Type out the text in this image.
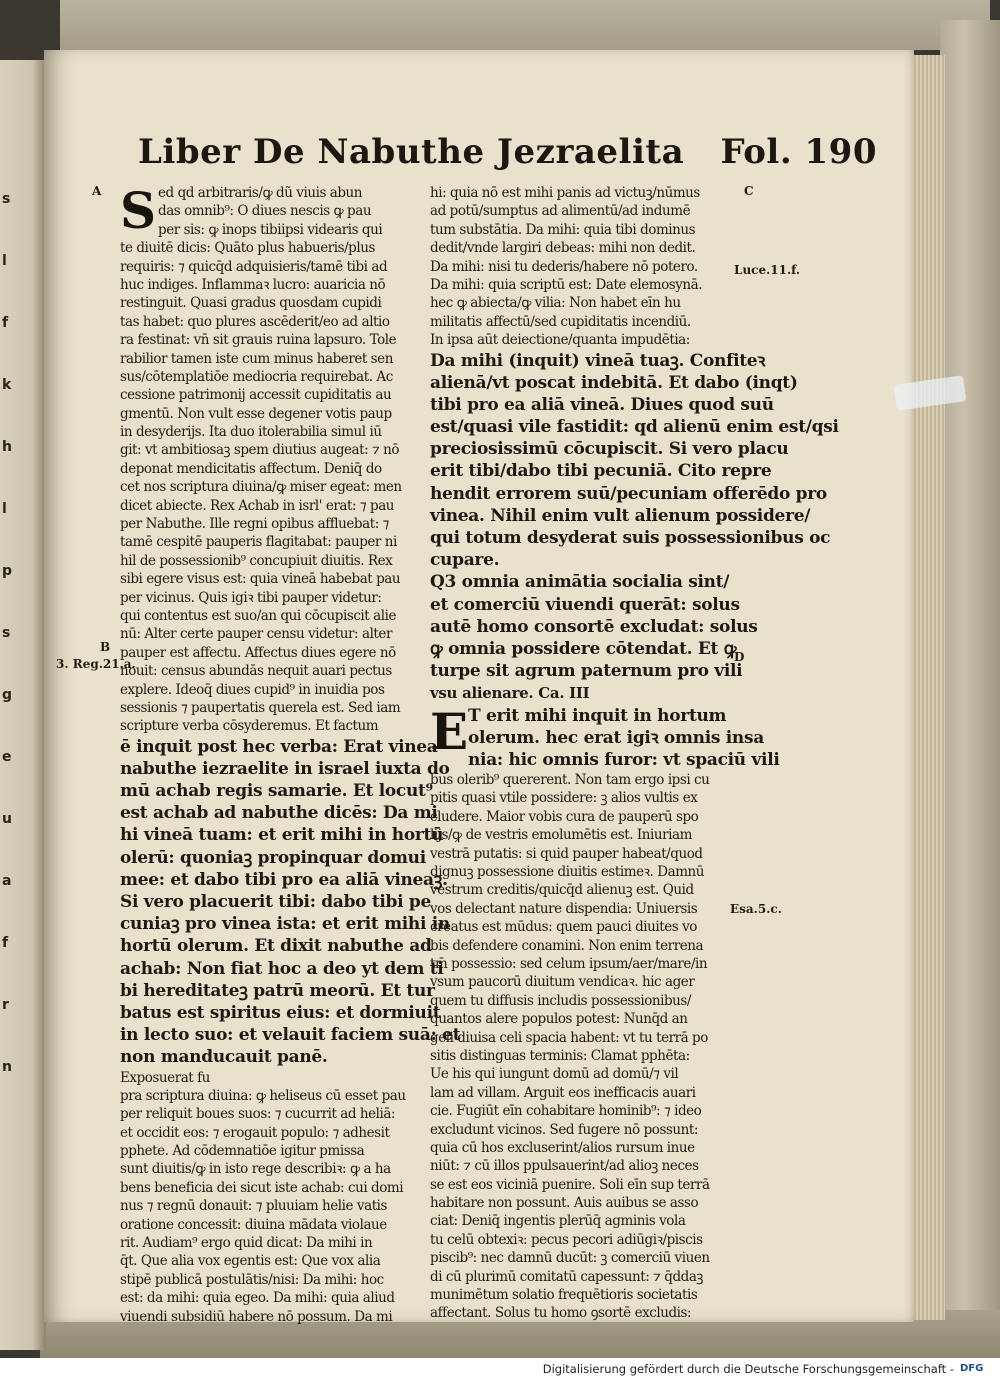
s
l
f
k
h
l
p
s
g
e
u
a
f
r
n
Liber De Nabuthe Jezraelita Fol. 190
A
B
3. Reg.21.a.
C
Luce.11.f.
D
Esa.5.c.
S ed qd arbitraris/ꝙ dũ viuis abun
das omnib⁹: O diues nescis ꝙ pau
per sis: ꝙ inops tibiipsi videaris qui
te diuitē dicis: Quāto plus habueris/plus
requiris: ⁊ quicq̄d adquisieris/tamē tibi ad
huc indiges. Inflammaꝛ lucro: auaricia nō
restinguit. Quasi gradus quosdam cupidi
tas habet: quo plures ascēderit/eo ad altio
ra festinat: vn̄ sit grauis ruina lapsuro. Tole
rabilior tamen iste cum minus haberet sen
sus/cōtemplatiōe mediocria requirebat. Ac
cessione patrimonij accessit cupiditatis au
gmentū. Non vult esse degener votis paup
in desyderijs. Ita duo itolerabilia simul iū
git: vt ambitiosaꝫ spem diutius augeat: ⁊ nō
deponat mendicitatis affectum. Deniq̄ do
cet nos scriptura diuina/ꝙ miser egeat: men
dicet abiecte. Rex Achab in isrl' erat: ⁊ pau
per Nabuthe. Ille regni opibus affluebat: ⁊
tamē cespitē pauperis flagitabat: pauper ni
hil de possessionib⁹ concupiuit diuitis. Rex
sibi egere visus est: quia vineā habebat pau
per vicinus. Quis igiꝛ tibi pauper videtur:
qui contentus est suo/an qui cōcupiscit alie
nū: Alter certe pauper censu videtur: alter
pauper est affectu. Affectus diues egere nō
nouit: census abundās nequit auari pectus
explere. Ideoq̄ diues cupid⁹ in inuidia pos
sessionis ⁊ paupertatis querela est. Sed iam
scripture verba cōsyderemus. Et factum
ē inquit post hec verba: Erat vinea
nabuthe iezraelite in israel iuxta do
mū achab regis samarie. Et locut⁹
est achab ad nabuthe dicēs: Da mi
hi vineā tuam: et erit mihi in hortū
olerū: quoniaꝫ propinquar domui
mee: et dabo tibi pro ea aliā vineaꝫ.
Si vero placuerit tibi: dabo tibi pe
cuniaꝫ pro vinea ista: et erit mihi in
hortū olerum. Et dixit nabuthe ad
achab: Non fiat hoc a deo yt dem ti
bi hereditateꝫ patrū meorū. Et tur
batus est spiritus eius: et dormiuit
in lecto suo: et velauit faciem suā: et
non manducauit panē.
Exposuerat fu
pra scriptura diuina: ꝙ heliseus cū esset pau
per reliquit boues suos: ⁊ cucurrit ad heliā:
et occidit eos: ⁊ erogauit populo: ⁊ adhesit
pphete. Ad cōdemnatiōe igitur pmissa
sunt diuitis/ꝙ in isto rege describiꝛ: ꝙ a ha
bens beneficia dei sicut iste achab: cui domi
nus ⁊ regnū donauit: ⁊ pluuiam helie vatis
oratione concessit: diuina mādata violaue
rit. Audiam⁹ ergo quid dicat: Da mihi in
q̄t. Que alia vox egentis est: Que vox alia
stipē publicā postulātis/nisi: Da mihi: hoc
est: da mihi: quia egeo. Da mihi: quia aliud
viuendi subsidiū habere nō possum. Da mi
hi: quia nō est mihi panis ad victuꝫ/nūmus
ad potū/sumptus ad alimentū/ad indumē
tum substātia. Da mihi: quia tibi dominus
dedit/vnde largiri debeas: mihi non dedit.
Da mihi: nisi tu dederis/habere nō potero.
Da mihi: quia scriptū est: Date elemosynā.
hec ꝙ abiecta/ꝙ vilia: Non habet eīn hu
militatis affectū/sed cupiditatis incendiū.
In ipsa aūt deiectione/quanta impudētia:
Da mihi (inquit) vineā tuaꝫ. Confiteꝛ
alienā/vt poscat indebitā. Et dabo (inqt)
tibi pro ea aliā vineā. Diues quod suū
est/quasi vile fastidit: qd alienū enim est/qsi
preciosissimū cōcupiscit. Si vero placu
erit tibi/dabo tibi pecuniā. Cito repre
hendit errorem suū/pecuniam offerēdo pro
vinea. Nihil enim vult alienum possidere/
qui totum desyderat suis possessionibus oc
cupare.
Q3 omnia animātia socialia sint/
et comerciū viuendi querāt: solus
autē homo consortē excludat: solus
ꝙ omnia possidere cōtendat. Et ꝙ
turpe sit agrum paternum pro vili
vsu alienare. Ca. III
E T erit mihi inquit in hortum
olerum. hec erat igiꝛ omnis insa
nia: hic omnis furor: vt spaciū vili
bus olerib⁹ quererent. Non tam ergo ipsi cu
pitis quasi vtile possidere: ꝫ alios vultis ex
cludere. Maior vobis cura de pauperū spo
lijs/ꝙ de vestris emolumētis est. Iniuriam
vestrā putatis: si quid pauper habeat/quod
dignuꝫ possessione diuitis estimeꝛ. Damnū
vestrum creditis/quicq̄d alienuꝫ est. Quid
vos delectant nature dispendia: Uniuersis
creatus est mūdus: quem pauci diuites vo
bis defendere conamini. Non enim terrena
tm̄ possessio: sed celum ipsum/aer/mare/in
vsum paucorū diuitum vendicaꝛ. hic ager
quem tu diffusis includis possessionibus/
quantos alere populos potest: Nunq̄d an
geli diuisa celi spacia habent: vt tu terrā po
sitis distinguas terminis: Clamat pphēta:
Ue his qui iungunt domū ad domū/⁊ vil
lam ad villam. Arguit eos inefficacis auari
cie. Fugiūt eīn cohabitare hominib⁹: ⁊ ideo
excludunt vicinos. Sed fugere nō possunt:
quia cū hos excluserint/alios rursum inue
niūt: ⁊ cū illos ppulsauerint/ad alioꝫ neces
se est eos viciniā puenire. Soli eīn sup terrā
habitare non possunt. Auis auibus se asso
ciat: Deniq̄ ingentis plerūq̄ agminis vola
tu celū obtexiꝛ: pecus pecori adiūgiꝛ/piscis
piscib⁹: nec damnū ducūt: ꝫ comerciū viuen
di cū plurimū comitatū capessunt: ⁊ q̄ddaꝫ
munimētum solatio frequētioris societatis
affectant. Solus tu homo ꝯsortē excludis:
Digitalisierung gefördert durch die Deutsche Forschungsgemeinschaft - DFG
